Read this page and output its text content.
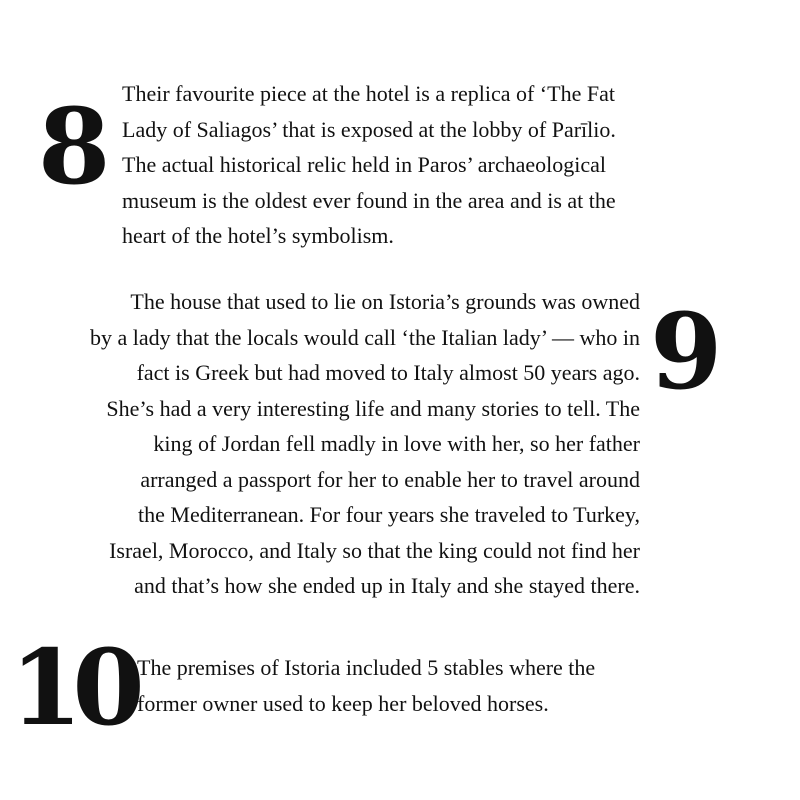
8 Their favourite piece at the hotel is a replica of ‘The Fat
Lady of Saliagos’ that is exposed at the lobby of Parīlio.
The actual historical relic held in Paros’ archaeological
museum is the oldest ever found in the area and is at the
heart of the hotel’s symbolism.

The house that used to lie on Istoria’s grounds was owned
by a lady that the locals would call ‘the Italian lady’ — who in
fact is Greek but had moved to Italy almost 50 years ago.
She’s had a very interesting life and many stories to tell. The
king of Jordan fell madly in love with her, so her father
arranged a passport for her to enable her to travel around
the Mediterranean. For four years she traveled to Turkey,
Israel, Morocco, and Italy so that the king could not find her
and that’s how she ended up in Italy and she stayed there.

9
10 The premises of Istoria included 5 stables where the
former owner used to keep her beloved horses.
